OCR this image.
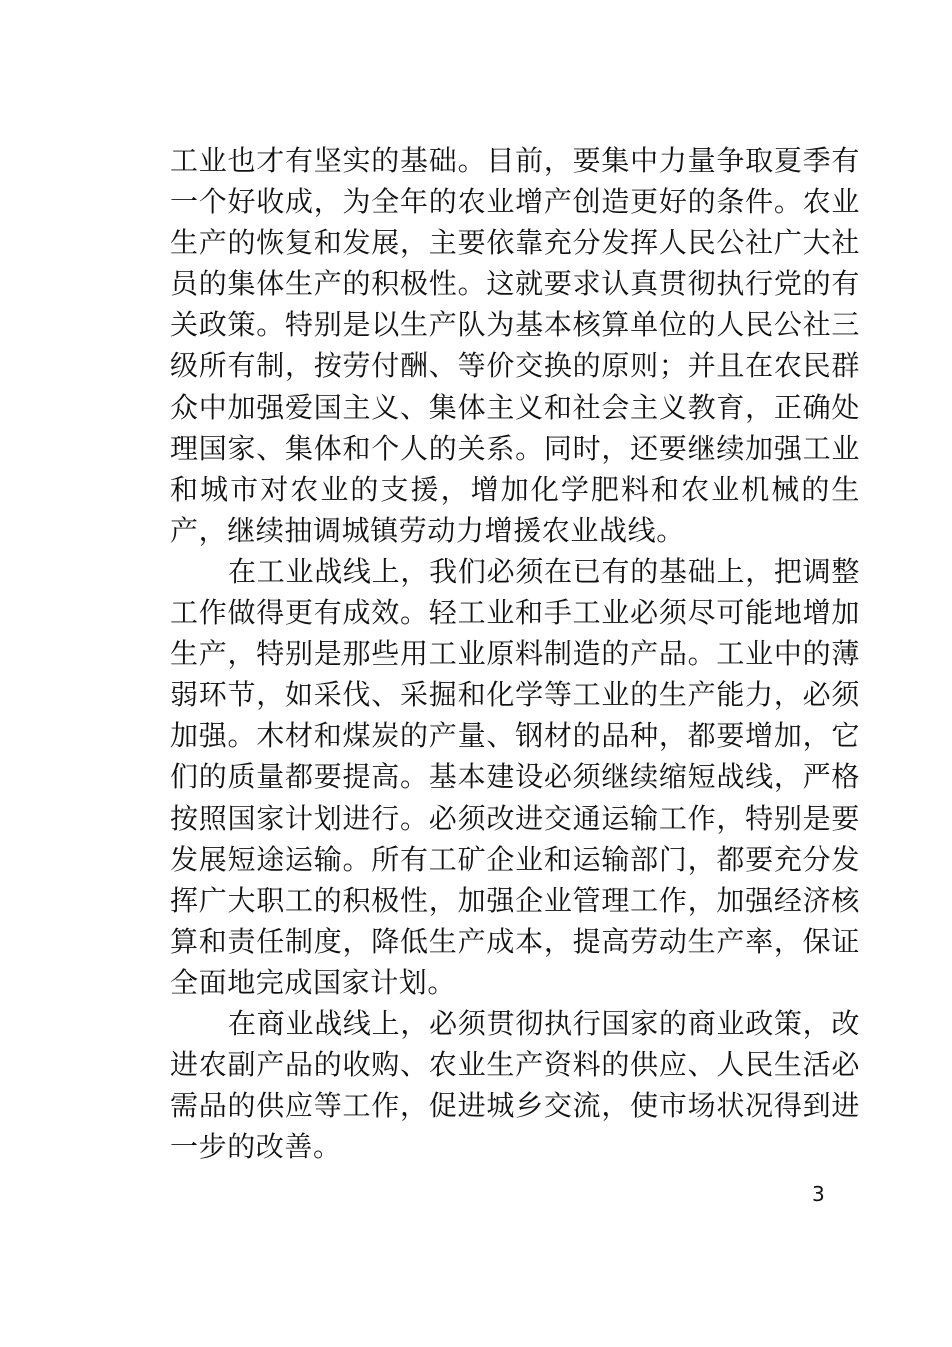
工业也才有坚实的基础。目前，要集中力量争取夏季有一个好收成，为全年的农业增产创造更好的条件。农业生产的恢复和发展，主要依靠充分发挥人民公社广大社员的集体生产的积极性。这就要求认真贯彻执行党的有关政策。特别是以生产队为基本核算单位的人民公社三级所有制，按劳付酬、等价交换的原则；并且在农民群众中加强爱国主义、集体主义和社会主义教育，正确处理国家、集体和个人的关系。同时，还要继续加强工业和城市对农业的支援，增加化学肥料和农业机械的生产，继续抽调城镇劳动力增援农业战线。

在工业战线上，我们必须在已有的基础上，把调整工作做得更有成效。轻工业和手工业必须尽可能地增加生产，特别是那些用工业原料制造的产品。工业中的薄弱环节，如采伐、采掘和化学等工业的生产能力，必须加强。木材和煤炭的产量、钢材的品种，都要增加，它们的质量都要提高。基本建设必须继续缩短战线，严格按照国家计划进行。必须改进交通运输工作，特别是要发展短途运输。所有工矿企业和运输部门，都要充分发挥广大职工的积极性，加强企业管理工作，加强经济核算和责任制度，降低生产成本，提高劳动生产率，保证全面地完成国家计划。

在商业战线上，必须贯彻执行国家的商业政策，改进农副产品的收购、农业生产资料的供应、人民生活必需品的供应等工作，促进城乡交流，使市场状况得到进一步的改善。

3
